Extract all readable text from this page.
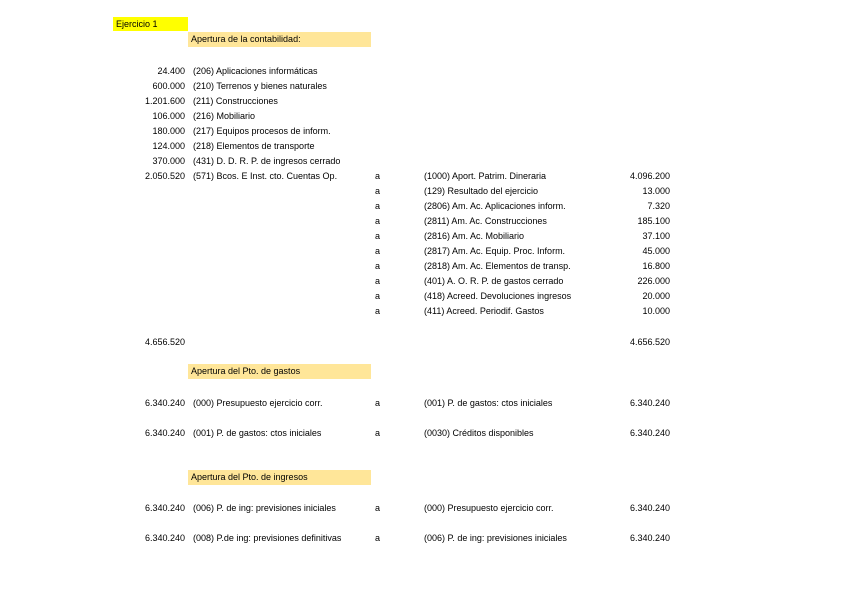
Ejercicio 1
Apertura de la contabilidad:
24.400 (206) Aplicaciones informáticas
600.000 (210) Terrenos y bienes naturales
1.201.600 (211) Construcciones
106.000 (216) Mobiliario
180.000 (217) Equipos procesos de inform.
124.000 (218) Elementos de transporte
370.000 (431) D. D. R. P. de ingresos cerrado
2.050.520 (571) Bcos. E Inst. cto. Cuentas Op.	a	(1000) Aport. Patrim. Dineraria	4.096.200
a	(129) Resultado del ejercicio	13.000
a	(2806) Am. Ac. Aplicaciones inform.	7.320
a	(2811) Am. Ac. Construcciones	185.100
a	(2816) Am. Ac. Mobiliario	37.100
a	(2817) Am. Ac. Equip. Proc. Inform.	45.000
a	(2818) Am. Ac. Elementos de transp.	16.800
a	(401) A. O. R. P. de gastos cerrado	226.000
a	(418) Acreed. Devoluciones ingresos	20.000
a	(411) Acreed. Periodif. Gastos	10.000
4.656.520	4.656.520
Apertura del Pto. de gastos
6.340.240 (000) Presupuesto ejercicio corr.	a	(001) P. de gastos: ctos iniciales	6.340.240
6.340.240 (001) P. de gastos: ctos iniciales	a	(0030) Créditos disponibles	6.340.240
Apertura del Pto. de ingresos
6.340.240 (006) P. de ing: previsiones iniciales	a	(000) Presupuesto ejercicio corr.	6.340.240
6.340.240 (008) P.de ing: previsiones definitivas	a	(006) P. de ing: previsiones iniciales	6.340.240
